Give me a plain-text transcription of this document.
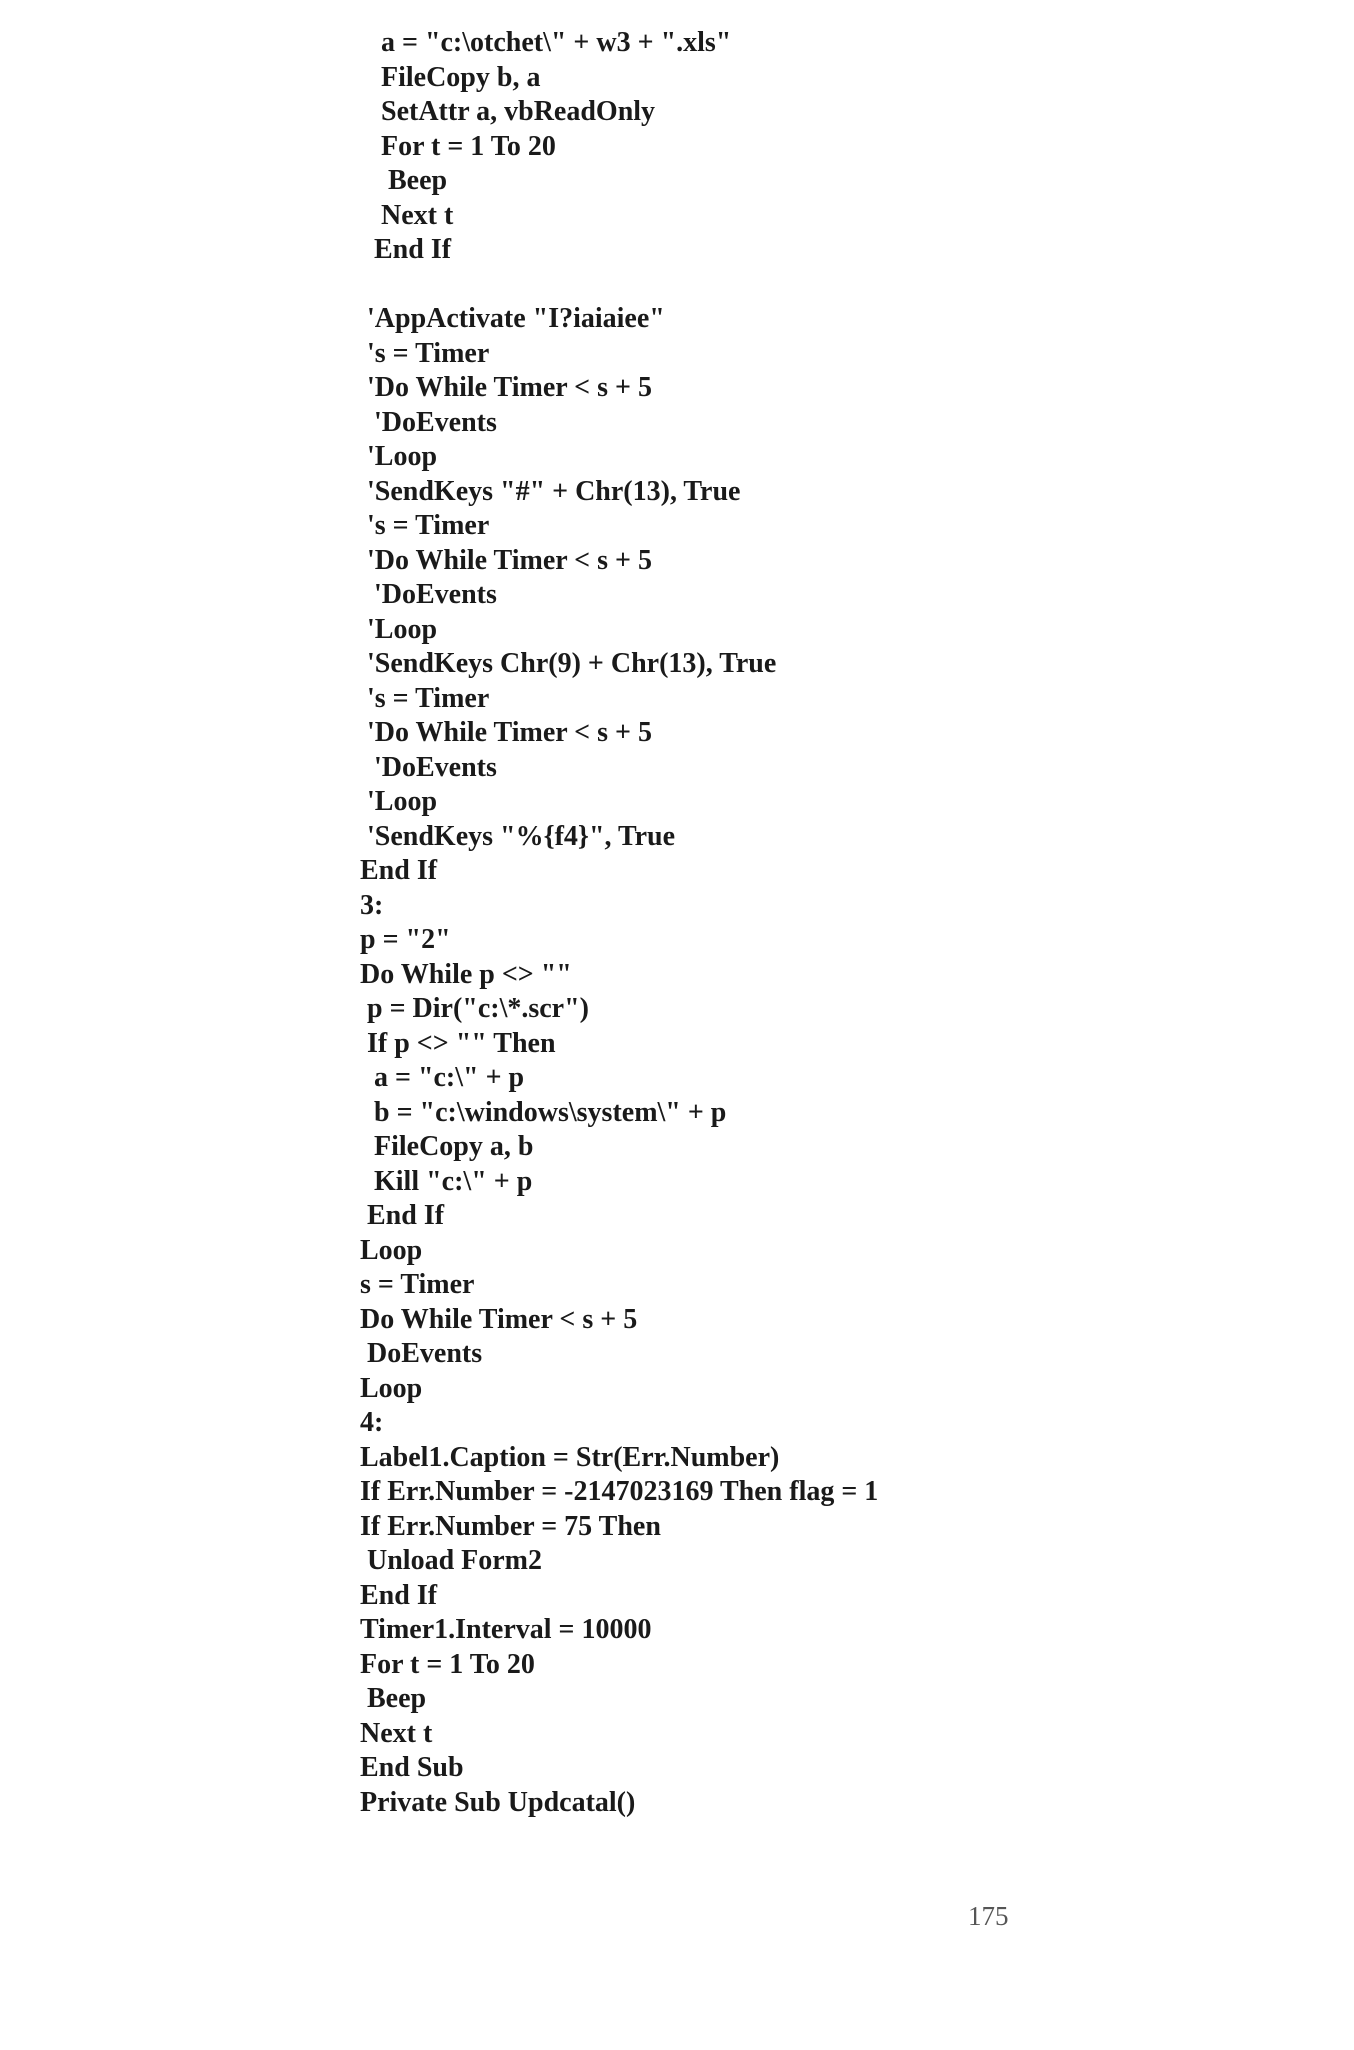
a = "c:\otchet\" + w3 + ".xls"
FileCopy b, a
SetAttr a, vbReadOnly
For t = 1 To 20
Beep
Next t
End If
'AppActivate "I?iaiaiee"
's = Timer
'Do While Timer < s + 5
'DoEvents
'Loop
'SendKeys "#" + Chr(13), True
's = Timer
'Do While Timer < s + 5
'DoEvents
'Loop
'SendKeys Chr(9) + Chr(13), True
's = Timer
'Do While Timer < s + 5
'DoEvents
'Loop
'SendKeys "%{f4}", True
End If
3:
p = "2"
Do While p <> ""
p = Dir("c:\*.scr")
If p <> "" Then
a = "c:\" + p
b = "c:\windows\system\" + p
FileCopy a, b
Kill "c:\" + p
End If
Loop
s = Timer
Do While Timer < s + 5
DoEvents
Loop
4:
Label1.Caption = Str(Err.Number)
If Err.Number = -2147023169 Then flag = 1
If Err.Number = 75 Then
Unload Form2
End If
Timer1.Interval = 10000
For t = 1 To 20
Beep
Next t
End Sub
Private Sub Updcatal()
175
